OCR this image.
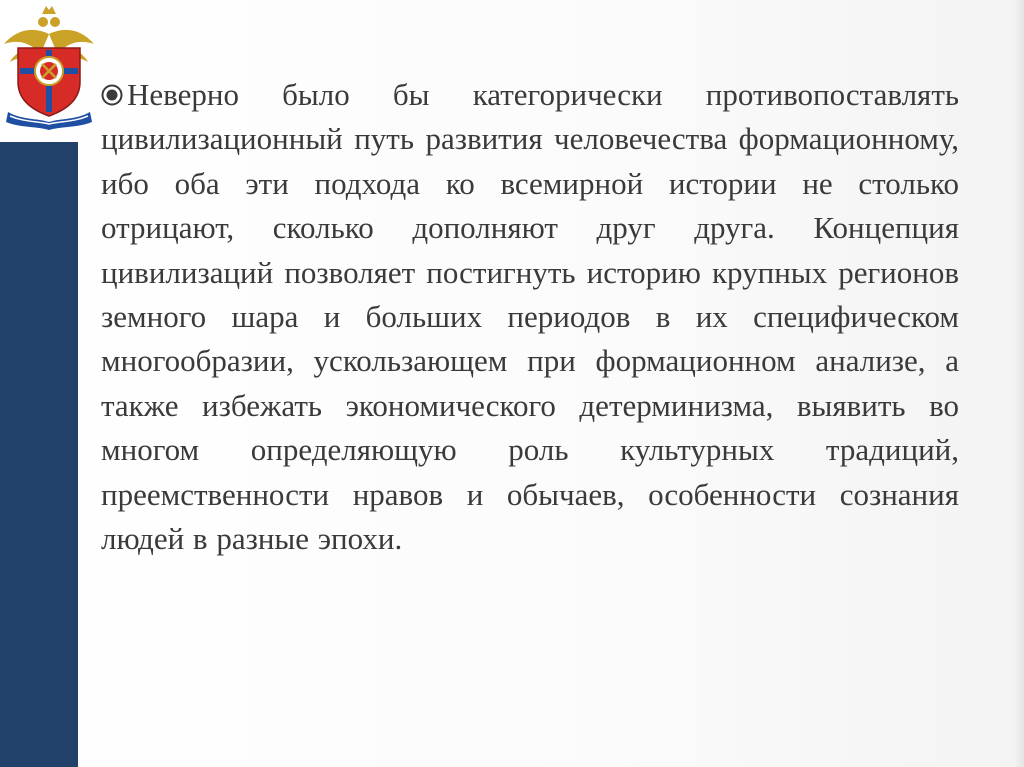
Неверно было бы категорически противопоставлять цивилизационный путь развития человечества формационному, ибо оба эти подхода ко всемирной истории не столько отрицают, сколько дополняют друг друга. Концепция цивилизаций позволяет постигнуть историю крупных регионов земного шара и больших периодов в их специфическом многообразии, ускользающем при формационном анализе, а также избежать экономического детерминизма, выявить во многом определяющую роль культурных традиций, преемственности нравов и обычаев, особенности сознания людей в разные эпохи.
